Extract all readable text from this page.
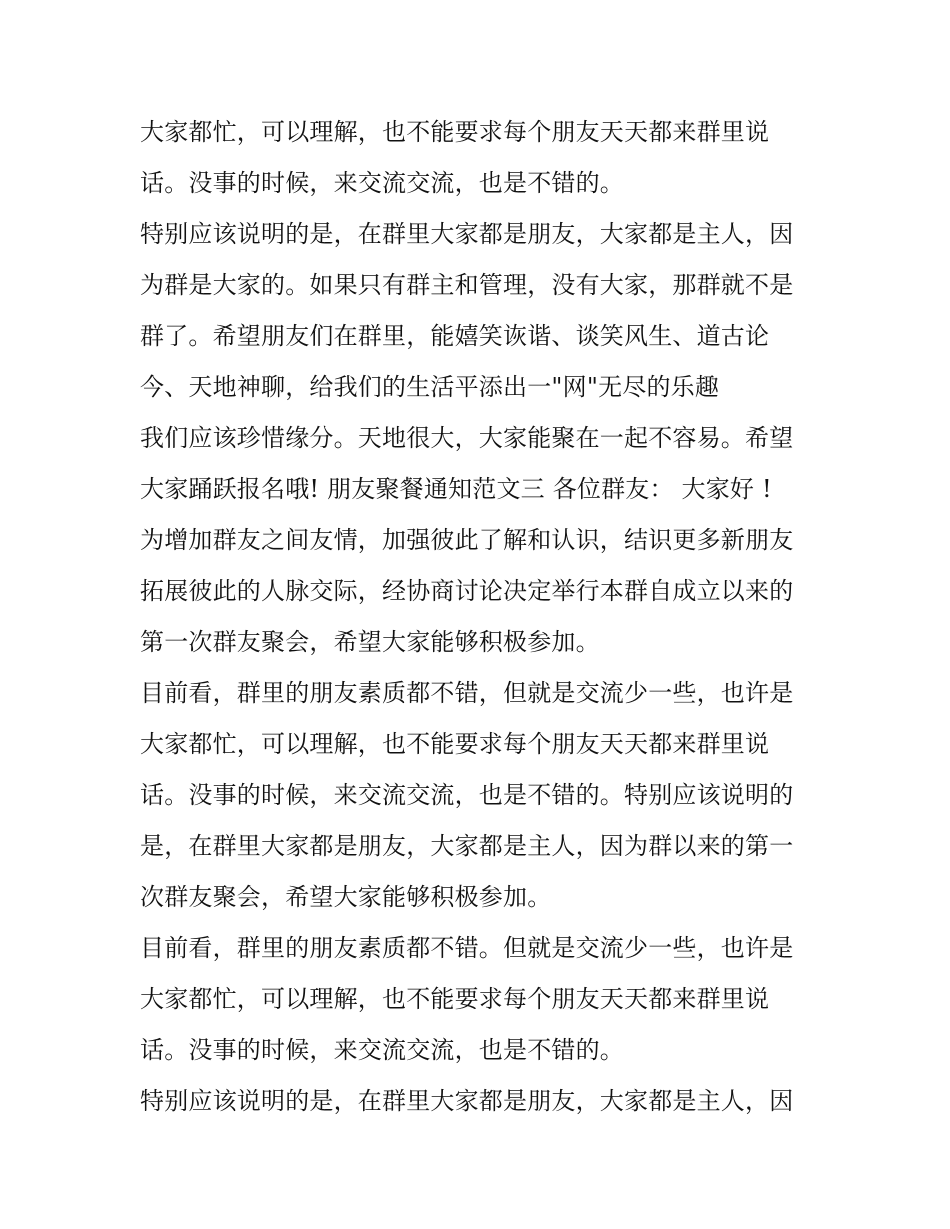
大家都忙，可以理解，也不能要求每个朋友天天都来群里说
话。没事的时候，来交流交流，也是不错的。
特别应该说明的是，在群里大家都是朋友，大家都是主人，因
为群是大家的。如果只有群主和管理，没有大家，那群就不是
群了。希望朋友们在群里，能嬉笑诙谐、谈笑风生、道古论
今、天地神聊，给我们的生活平添出一"网"无尽的乐趣
我们应该珍惜缘分。天地很大，大家能聚在一起不容易。希望
大家踊跃报名哦! 朋友聚餐通知范文三 各位群友： 大家好 !
为增加群友之间友情，加强彼此了解和认识，结识更多新朋友
拓展彼此的人脉交际，经协商讨论决定举行本群自成立以来的
第一次群友聚会，希望大家能够积极参加。
目前看，群里的朋友素质都不错，但就是交流少一些，也许是
大家都忙，可以理解，也不能要求每个朋友天天都来群里说
话。没事的时候，来交流交流，也是不错的。特别应该说明的
是，在群里大家都是朋友，大家都是主人，因为群以来的第一
次群友聚会，希望大家能够积极参加。
目前看，群里的朋友素质都不错。但就是交流少一些，也许是
大家都忙，可以理解，也不能要求每个朋友天天都来群里说
话。没事的时候，来交流交流，也是不错的。
特别应该说明的是，在群里大家都是朋友，大家都是主人，因
